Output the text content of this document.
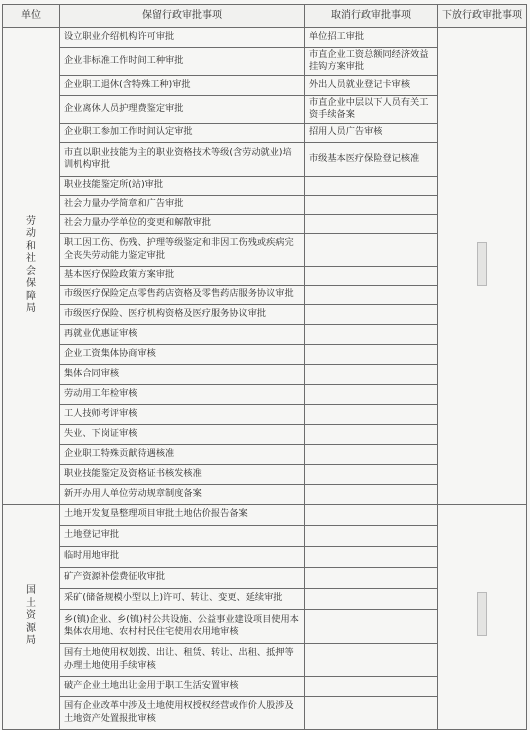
单位	保留行政审批事项	取消行政审批事项	下放行政审批事项
劳动和社会保障局	设立职业介绍机构许可审批	单位招工审批	
	企业非标准工作时间工种审批	市直企业工资总额同经济效益挂钩方案审批	
	企业职工退休(含特殊工种)审批	外出人员就业登记卡审核	
	企业离休人员护理费鉴定审批	市直企业中层以下人员有关工资手续备案	
	企业职工参加工作时间认定审批	招用人员广告审核	
	市直以职业技能为主的职业资格技术等级(含劳动就业)培训机构审批	市级基本医疗保险登记核准	
	职业技能鉴定所(站)审批		
	社会力量办学简章和广告审批		
	社会力量办学单位的变更和解散审批		
	职工因工伤、伤残、护理等级鉴定和非因工伤残或疾病完全丧失劳动能力鉴定审批		
	基本医疗保险政策方案审批		
	市级医疗保险定点零售药店资格及零售药店服务协议审批		
	市级医疗保险、医疗机构资格及医疗服务协议审批		
	再就业优惠证审核		
	企业工资集体协商审核		
	集体合同审核		
	劳动用工年检审核		
	工人技师考评审核		
	失业、下岗证审核		
	企业职工特殊贡献待遇核准		
	职业技能鉴定及资格证书核发核准		
	新开办用人单位劳动规章制度备案		
国土资源局	土地开发复垦整理项目审批土地估价报告备案		
	土地登记审批		
	临时用地审批		
	矿产资源补偿费征收审批		
	采矿(储备规模小型以上)许可、转让、变更、延续审批		
	乡(镇)企业、乡(镇)村公共设施、公益事业建设项目使用本集体农用地、农村村民住宅使用农用地审核		
	国有土地使用权划拨、出让、租赁、转让、出租、抵押等办理土地使用手续审核		
	破产企业土地出让金用于职工生活安置审核		
	国有企业改革中涉及土地使用权授权经营或作价人股涉及土地资产处置报批审核		
